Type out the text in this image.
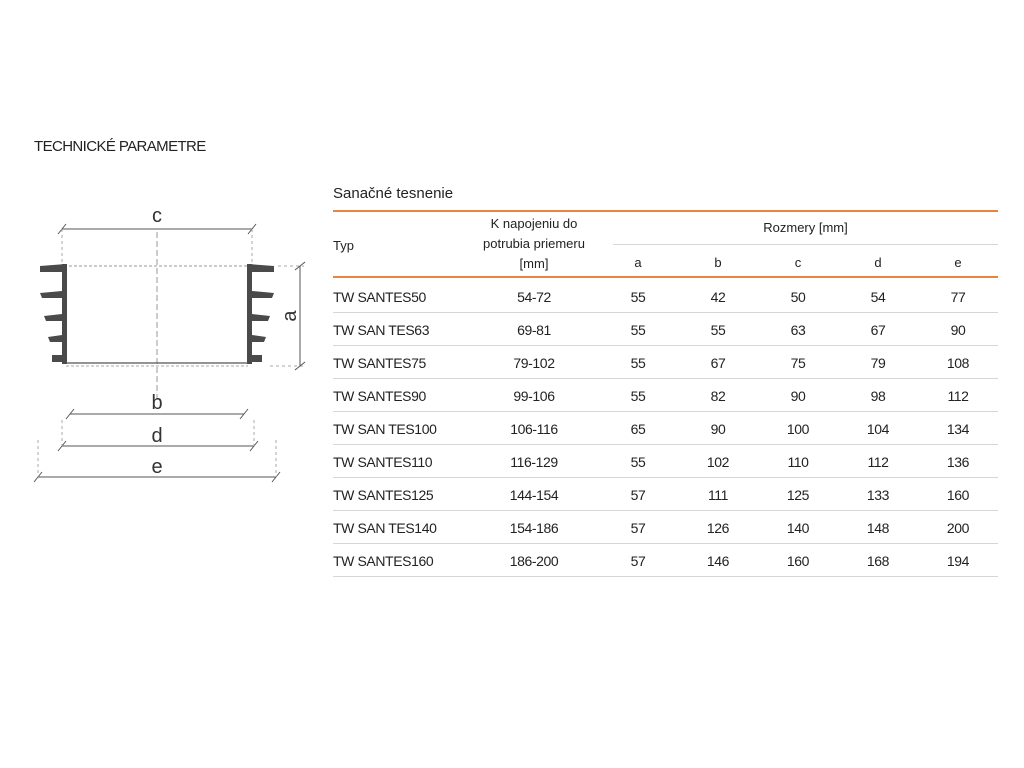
TECHNICKÉ PARAMETRE
c
a
b
d
e
Sanačné tesnenie
Typ
K napojeniu do
potrubia priemeru
[mm]
Rozmery [mm]
a	b	c	d	e
TW SANTES50	54-72	55	42	50	54	77
TW SAN TES63	69-81	55	55	63	67	90
TW SANTES75	79-102	55	67	75	79	108
TW SANTES90	99-106	55	82	90	98	112
TW SAN TES100	106-116	65	90	100	104	134
TW SANTES110	116-129	55	102	110	112	136
TW SANTES125	144-154	57	111	125	133	160
TW SAN TES140	154-186	57	126	140	148	200
TW SANTES160	186-200	57	146	160	168	194
